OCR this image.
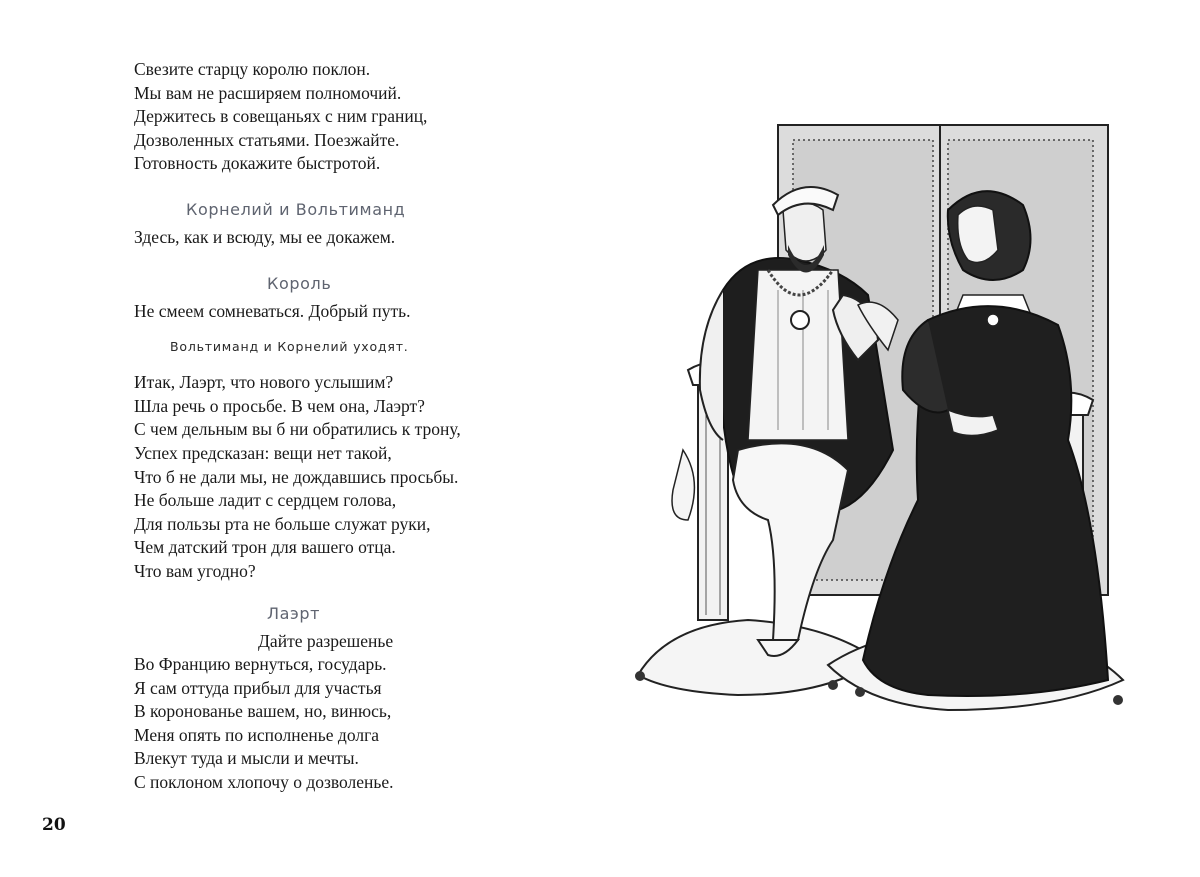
Свезите старцу королю поклон.

Мы вам не расширяем полномочий.

Держитесь в совещаньях с ним границ,

Дозволенных статьями. Поезжайте.

Готовность докажите быстротой.

Корнелий и Вольтиманд

Здесь, как и всюду, мы ее докажем.

Король

Не смеем сомневаться. Добрый путь.

Вольтиманд и Корнелий уходят.

Итак, Лаэрт, что нового услышим?

Шла речь о просьбе. В чем она, Лаэрт?

С чем дельным вы б ни обратились к трону,

Успех предсказан: вещи нет такой,

Что б не дали мы, не дождавшись просьбы.

Не больше ладит с сердцем голова,

Для пользы рта не больше служат руки,

Чем датский трон для вашего отца.

Что вам угодно?

Лаэрт

Дайте разрешенье

Во Францию вернуться, государь.

Я сам оттуда прибыл для участья

В коронованье вашем, но, винюсь,

Меня опять по исполненье долга

Влекут туда и мысли и мечты.

С поклоном хлопочу о дозволенье.

20
